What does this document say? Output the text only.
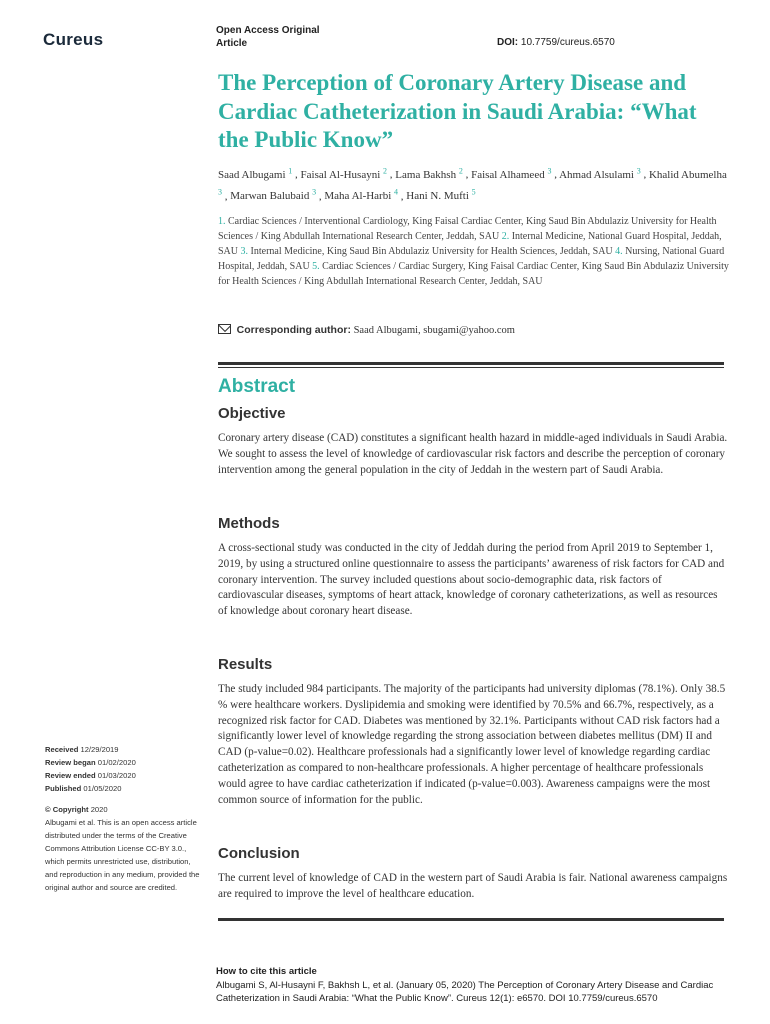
Cureus	Open Access Original Article	DOI: 10.7759/cureus.6570
The Perception of Coronary Artery Disease and Cardiac Catheterization in Saudi Arabia: “What the Public Know”
Saad Albugami $^1$ , Faisal Al-Husayni $^2$ , Lama Bakhsh $^2$ , Faisal Alhameed $^3$ , Ahmad Alsulami $^3$ , Khalid Abumelha $^3$ , Marwan Balubaid $^3$ , Maha Al-Harbi $^4$ , Hani N. Mufti $^5$
1. Cardiac Sciences / Interventional Cardiology, King Faisal Cardiac Center, King Saud Bin Abdulaziz University for Health Sciences / King Abdullah International Research Center, Jeddah, SAU 2. Internal Medicine, National Guard Hospital, Jeddah, SAU 3. Internal Medicine, King Saud Bin Abdulaziz University for Health Sciences, Jeddah, SAU 4. Nursing, National Guard Hospital, Jeddah, SAU 5. Cardiac Sciences / Cardiac Surgery, King Faisal Cardiac Center, King Saud Bin Abdulaziz University for Health Sciences / King Abdullah International Research Center, Jeddah, SAU
Corresponding author: Saad Albugami, sbugami@yahoo.com
Abstract
Objective
Coronary artery disease (CAD) constitutes a significant health hazard in middle-aged individuals in Saudi Arabia. We sought to assess the level of knowledge of cardiovascular risk factors and describe the perception of coronary intervention among the general population in the city of Jeddah in the western part of Saudi Arabia.
Methods
A cross-sectional study was conducted in the city of Jeddah during the period from April 2019 to September 1, 2019, by using a structured online questionnaire to assess the participants’ awareness of risk factors for CAD and coronary intervention. The survey included questions about socio-demographic data, risk factors of cardiovascular diseases, symptoms of heart attack, knowledge of coronary catheterizations, as well as resources of knowledge about coronary heart disease.
Results
The study included 984 participants. The majority of the participants had university diplomas (78.1%). Only 38.5 % were healthcare workers. Dyslipidemia and smoking were identified by 70.5% and 66.7%, respectively, as a recognized risk factor for CAD. Diabetes was mentioned by 32.1%. Participants without CAD risk factors had a significantly lower level of knowledge regarding the strong association between diabetes mellitus (DM) II and CAD (p-value=0.02). Healthcare professionals had a significantly lower level of knowledge regarding cardiac catheterization as compared to non-healthcare professionals. A higher percentage of healthcare professionals would agree to have cardiac catheterization if indicated (p-value=0.003). Awareness campaigns were the most common source of information for the public.
Conclusion
The current level of knowledge of CAD in the western part of Saudi Arabia is fair. National awareness campaigns are required to improve the level of healthcare education.
Received 12/29/2019
Review began 01/02/2020
Review ended 01/03/2020
Published 01/05/2020
© Copyright 2020
Albugami et al. This is an open access article distributed under the terms of the Creative Commons Attribution License CC-BY 3.0., which permits unrestricted use, distribution, and reproduction in any medium, provided the original author and source are credited.
How to cite this article
Albugami S, Al-Husayni F, Bakhsh L, et al. (January 05, 2020) The Perception of Coronary Artery Disease and Cardiac Catheterization in Saudi Arabia: “What the Public Know”. Cureus 12(1): e6570. DOI 10.7759/cureus.6570
